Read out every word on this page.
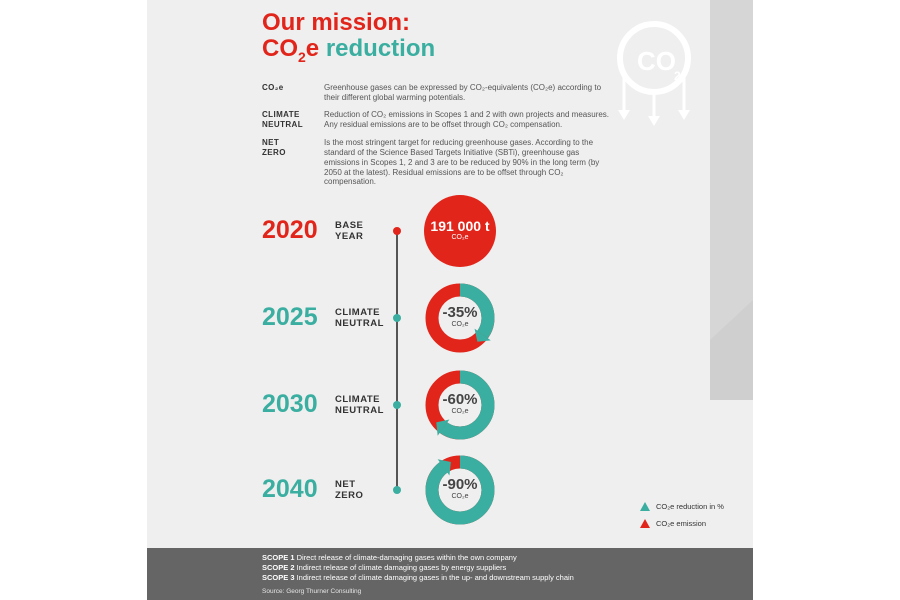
Our mission:
$CO_2e$ reduction	CO
2
CO₂e	Greenhouse gases can be expressed by CO₂-equivalents (CO₂e) according to their different global warming potentials.
CLIMATE
NEUTRAL
Reduction of CO₂ emissions in Scopes 1 and 2 with own projects and measures. Any residual emissions are to be offset through CO₂ compensation.
NET
ZERO
Is the most stringent target for reducing greenhouse gases. According to the standard of the Science Based Targets Initiative (SBTi), greenhouse gas emissions in Scopes 1, 2 and 3 are to be reduced by 90% in the long term (by 2050 at the latest). Residual emissions are to be offset through CO₂ compensation.
2020 BASE
YEAR
191 000 t
CO₂e
2025 CLIMATE
NEUTRAL
-35%
CO₂e
2030 CLIMATE
NEUTRAL
-60%
CO₂e
2040 NET
ZERO
-90%
CO₂e
CO₂e reduction in %
CO₂e emission
SCOPE 1 Direct release of climate-damaging gases within the own company
SCOPE 2 Indirect release of climate damaging gases by energy suppliers
SCOPE 3 Indirect release of climate damaging gases in the up- and downstream supply chain
Source: Georg Thurner Consulting
